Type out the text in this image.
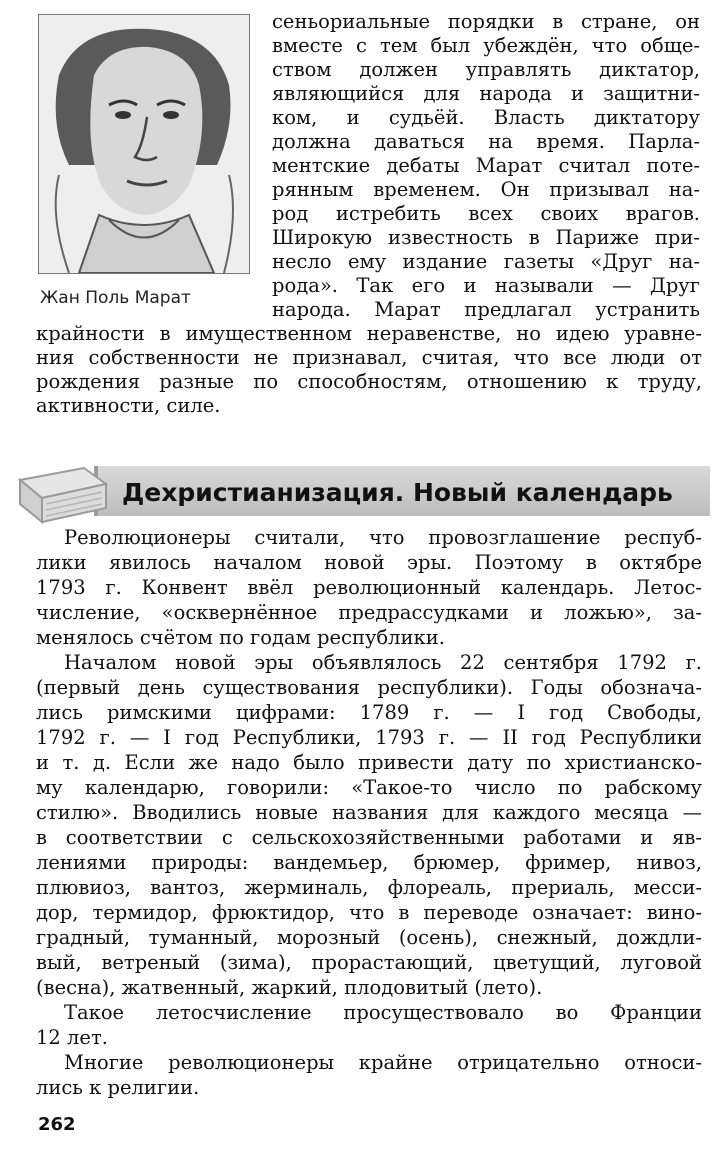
Жан Поль Марат
сеньориальные порядки в стране, он
вместе с тем был убеждён, что обще-
ством должен управлять диктатор,
являющийся для народа и защитни-
ком, и судьёй. Власть диктатору
должна даваться на время. Парла-
ментские дебаты Марат считал поте-
рянным временем. Он призывал на-
род истребить всех своих врагов.
Широкую известность в Париже при-
несло ему издание газеты «Друг на-
рода». Так его и называли — Друг
народа. Марат предлагал устранить
крайности в имущественном неравенстве, но идею уравне-
ния собственности не признавал, считая, что все люди от
рождения разные по способностям, отношению к труду,
активности, силе.
Дехристианизация. Новый календарь
Революционеры считали, что провозглашение респуб-
лики явилось началом новой эры. Поэтому в октябре
1793 г. Конвент ввёл революционный календарь. Летос-
числение, «осквернённое предрассудками и ложью», за-
менялось счётом по годам республики.
Началом новой эры объявлялось 22 сентября 1792 г.
(первый день существования республики). Годы обознача-
лись римскими цифрами: 1789 г. — I год Свободы,
1792 г. — I год Республики, 1793 г. — II год Республики
и т. д. Если же надо было привести дату по христианско-
му календарю, говорили: «Такое-то число по рабскому
стилю». Вводились новые названия для каждого месяца —
в соответствии с сельскохозяйственными работами и яв-
лениями природы: вандемьер, брюмер, фример, нивоз,
плювиоз, вантоз, жерминаль, флореаль, прериаль, месси-
дор, термидор, фрюктидор, что в переводе означает: вино-
градный, туманный, морозный (осень), снежный, дождли-
вый, ветреный (зима), прорастающий, цветущий, луговой
(весна), жатвенный, жаркий, плодовитый (лето).
Такое летосчисление просуществовало во Франции
12 лет.
Многие революционеры крайне отрицательно относи-
лись к религии.
262
